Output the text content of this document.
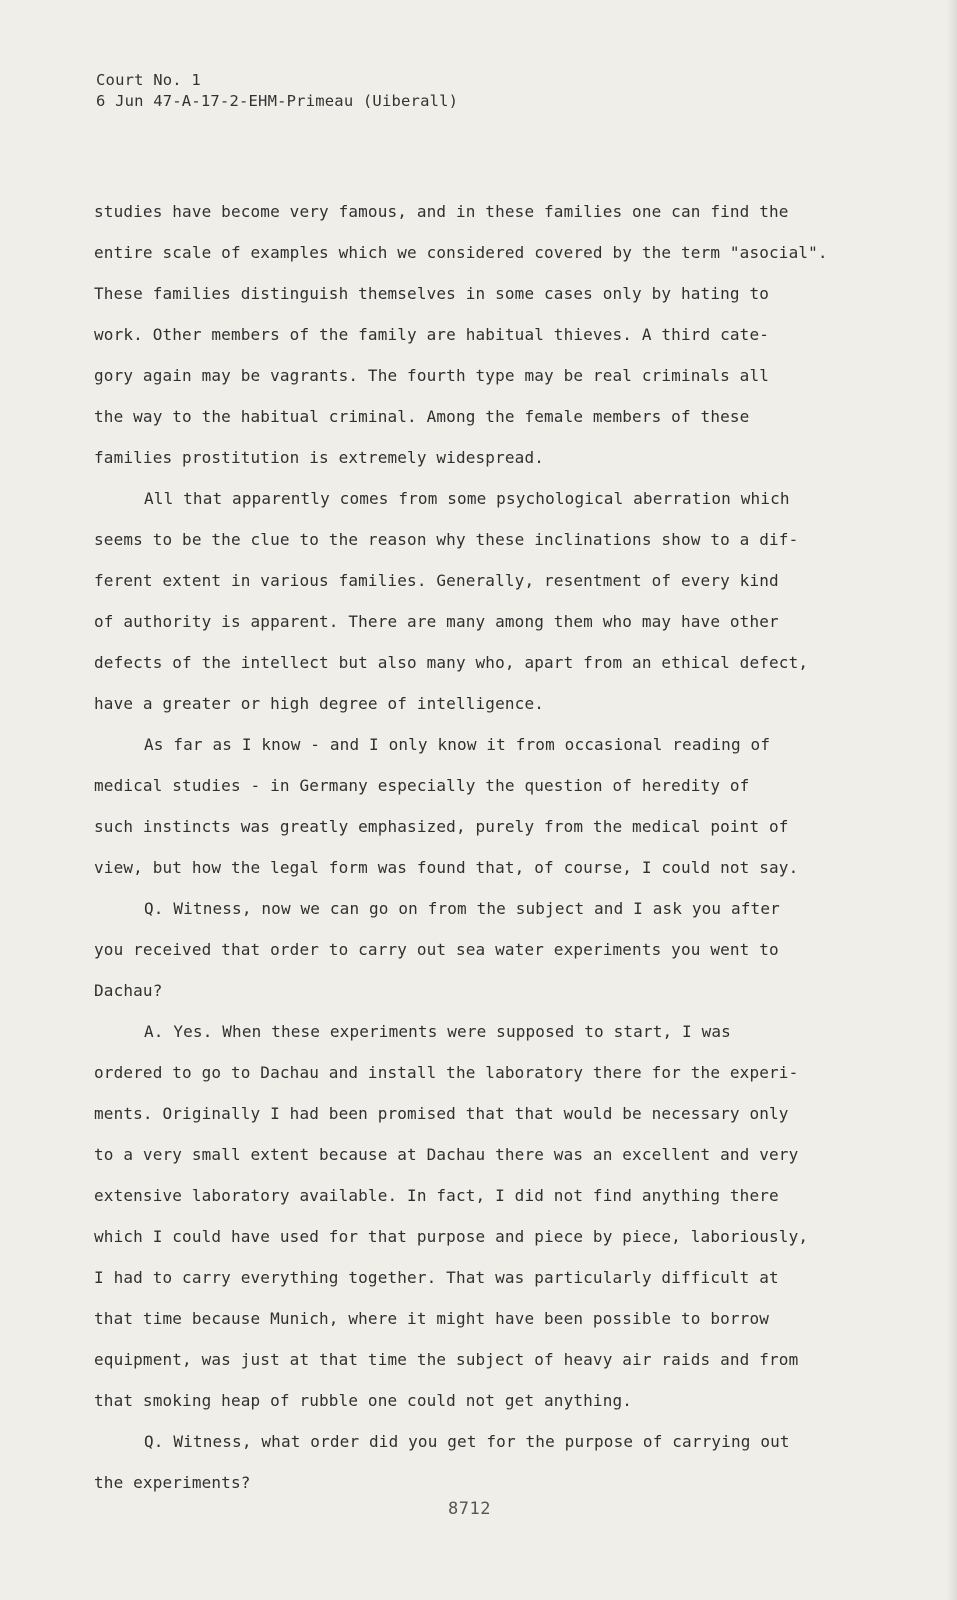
Court No. 1
6 Jun 47-A-17-2-EHM-Primeau (Uiberall)
studies have become very famous, and in these families one can find the
entire scale of examples which we considered covered by the term "asocial".
These families distinguish themselves in some cases only by hating to
work. Other members of the family are habitual thieves. A third cate-
gory again may be vagrants. The fourth type may be real criminals all
the way to the habitual criminal. Among the female members of these
families prostitution is extremely widespread.
All that apparently comes from some psychological aberration which
seems to be the clue to the reason why these inclinations show to a dif-
ferent extent in various families. Generally, resentment of every kind
of authority is apparent. There are many among them who may have other
defects of the intellect but also many who, apart from an ethical defect,
have a greater or high degree of intelligence.
As far as I know - and I only know it from occasional reading of
medical studies - in Germany especially the question of heredity of
such instincts was greatly emphasized, purely from the medical point of
view, but how the legal form was found that, of course, I could not say.
Q. Witness, now we can go on from the subject and I ask you after
you received that order to carry out sea water experiments you went to
Dachau?
A. Yes. When these experiments were supposed to start, I was
ordered to go to Dachau and install the laboratory there for the experi-
ments. Originally I had been promised that that would be necessary only
to a very small extent because at Dachau there was an excellent and very
extensive laboratory available. In fact, I did not find anything there
which I could have used for that purpose and piece by piece, laboriously,
I had to carry everything together. That was particularly difficult at
that time because Munich, where it might have been possible to borrow
equipment, was just at that time the subject of heavy air raids and from
that smoking heap of rubble one could not get anything.
Q. Witness, what order did you get for the purpose of carrying out
the experiments?
8712
